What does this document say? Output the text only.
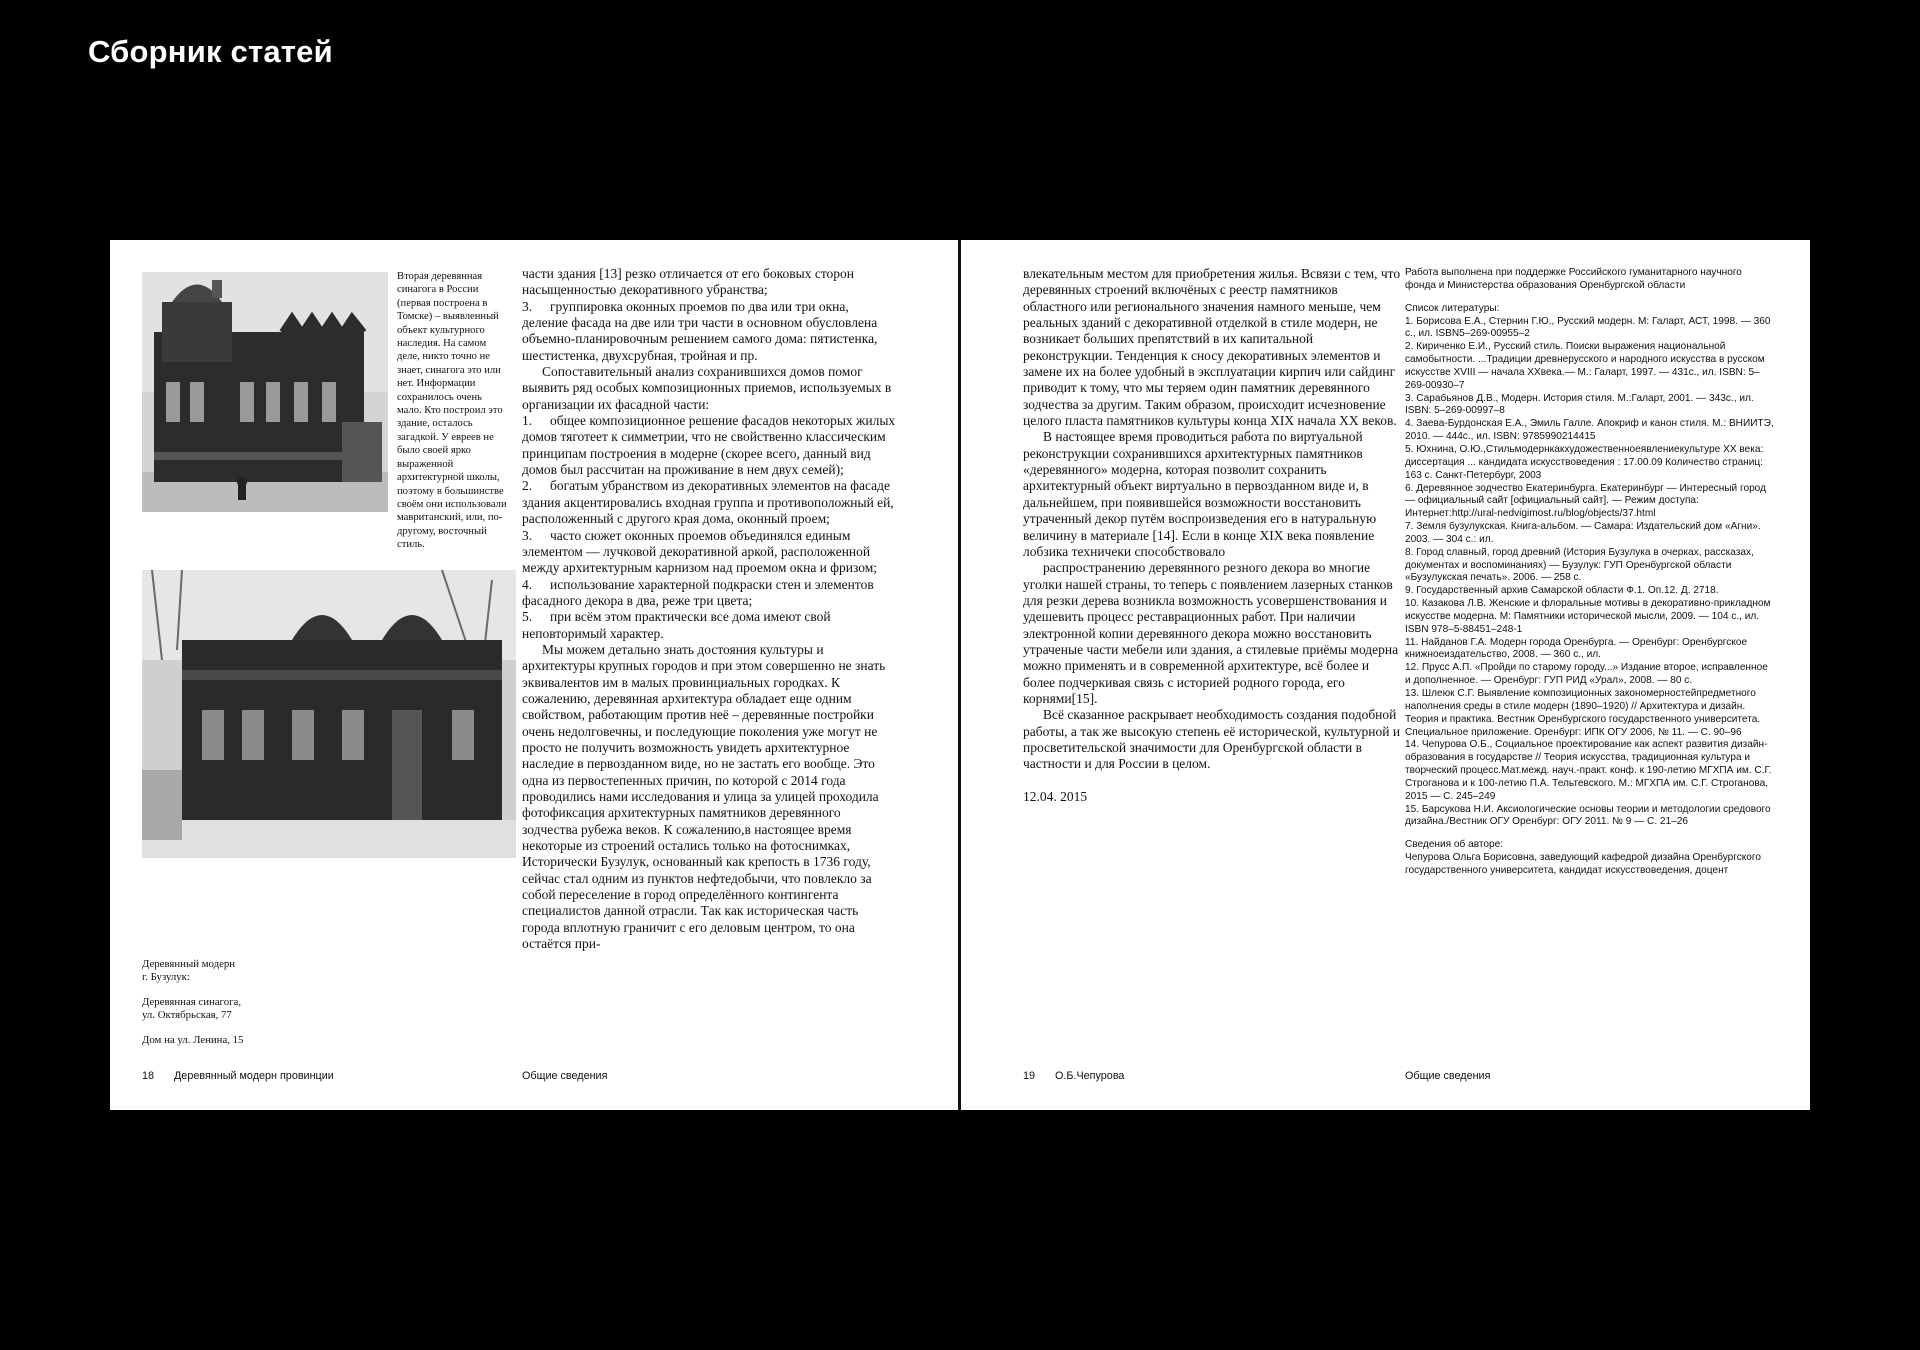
Сборник статей

Вторая деревянная синагога в России (первая построена в Томске) – выявленный объект культурного наследия. На самом деле, никто точно не знает, синагога это или нет. Информации сохранилось очень мало. Кто построил это здание, осталось загадкой. У евреев не было своей ярко выраженной архитектурной школы, поэтому в большинстве своём они использовали мавританский, или, по-другому, восточный стиль.

Деревянный модерн
г. Бузулук:

Деревянная синагога,
ул. Октябрьская, 77

Дом на ул. Ленина, 15

части здания [13] резко отличается от его боковых сторон насыщенностью декоративного убранства;

3. группировка оконных проемов по два или три окна, деление фасада на две или три части в основном обусловлена объемно-планировочным решением самого дома: пятистенка, шестистенка, двухсрубная, тройная и пр.

Сопоставительный анализ сохранившихся домов помог выявить ряд особых композиционных приемов, используемых в организации их фасадной части:

1. общее композиционное решение фасадов некоторых жилых домов тяготеет к симметрии, что не свойственно классическим принципам построения в модерне (скорее всего, данный вид домов был рассчитан на проживание в нем двух семей);

2. богатым убранством из декоративных элементов на фасаде здания акцентировались входная группа и противоположный ей, расположенный с другого края дома, оконный проем;

3. часто сюжет оконных проемов объединялся единым элементом — лучковой декоративной аркой, расположенной между архитектурным карнизом над проемом окна и фризом;

4. использование характерной подкраски стен и элементов фасадного декора в два, реже три цвета;

5. при всём этом практически все дома имеют свой неповторимый характер.

Мы можем детально знать достояния культуры и архитектуры крупных городов и при этом совершенно не знать эквивалентов им в малых провинциальных городках. К сожалению, деревянная архитектура обладает еще одним свойством, работающим против неё – деревянные постройки очень недолговечны, и последующие поколения уже могут не просто не получить возможность увидеть архитектурное наследие в первозданном виде, но не застать его вообще. Это одна из первостепенных причин, по которой с 2014 года проводились нами исследования и улица за улицей проходила фотофиксация архитектурных памятников деревянного зодчества рубежа веков. К сожалению,в настоящее время некоторые из строений остались только на фотоснимках, Исторически Бузулук, основанный как крепость в 1736 году, сейчас стал одним из пунктов нефтедобычи, что повлекло за собой переселение в город определённого контингента специалистов данной отрасли. Так как историческая часть города вплотную граничит с его деловым центром, то она остаётся при-

18 Деревянный модерн провинции	Общие сведения

влекательным местом для приобретения жилья. Всвязи с тем, что деревянных строений включёных с реестр памятников областного или регионального значения намного меньше, чем реальных зданий с декоративной отделкой в стиле модерн, не возникает больших препятствий в их капитальной реконструкции. Тенденция к сносу декоративных элементов и замене их на более удобный в эксплуатации кирпич или сайдинг приводит к тому, что мы теряем один памятник деревянного зодчества за другим. Таким образом, происходит исчезновение целого пласта памятников культуры конца XIX начала XX веков.

В настоящее время проводиться работа по виртуальной реконструкции сохранившихся архитектурных памятников «деревянного» модерна, которая позволит сохранить архитектурный объект виртуально в первозданном виде и, в дальнейшем, при появившейся возможности восстановить утраченный декор путём воспроизведения его в натуральную величину в материале [14]. Если в конце XIX века появление лобзика техничеки способствовало

распространению деревянного резного декора во многие уголки нашей страны, то теперь с появлением лазерных станков для резки дерева возникла возможность усовершенствования и удешевить процесс реставрационных работ. При наличии электронной копии деревянного декора можно восстановить утраченые части мебели или здания, а стилевые приёмы модерна можно применять и в современной архитектуре, всё более и более подчеркивая связь с историей родного города, его корнями[15].

Всё сказанное раскрывает необходимость создания подобной работы, а так же высокую степень её исторической, культурной и просветительской значимости для Оренбургской области в частности и для России в целом.

12.04. 2015

Работа выполнена при поддержке Российского гуманитарного научного фонда и Министерства образования Оренбургской области

Список литературы:

1. Борисова Е.А., Стернин Г.Ю., Русский модерн. М: Галарт, АСТ, 1998. — 360 с., ил. ISBN5–269-00955–2

2. Кириченко Е.И., Русский стиль. Поиски выражения национальной самобытности. ...Традиции древнерусского и народного искусства в русском искусстве XVIII — начала XXвека.— М.: Галарт, 1997. — 431с., ил. ISBN: 5–269-00930–7

3. Сарабьянов Д.В., Модерн. История стиля. М.:Галарт, 2001. — 343с., ил. ISBN: 5–269-00997–8

4. Заева-Бурдонская Е.А., Эмиль Галле. Апокриф и канон стиля. М.: ВНИИТЭ, 2010. — 444с., ил. ISBN: 9785990214415

5. Юхнина, О.Ю.,Стильмодернкакхудожественноеявлениекультуре XX века: диссертация ... кандидата искусствоведения : 17.00.09 Количество страниц: 163 с. Санкт-Петербург, 2003

6. Деревянное зодчество Екатеринбурга. Екатеринбург — Интересный город — официальный сайт [официальный сайт]. — Режим доступа: Интернет:http://ural-nedvigimost.ru/blog/objects/37.html

7. Земля бузулукская. Книга-альбом. — Самара: Издательский дом «Агни». 2003. — 304 с.: ил.

8. Город славный, город древний (История Бузулука в очерках, рассказах, документах и воспоминаниях) — Бузулук: ГУП Оренбургской области «Бузулукская печать». 2006. — 258 с.

9. Государственный архив Самарской области Ф.1. Оп.12. Д. 2718.

10. Казакова Л.В. Женские и флоральные мотивы в декоративно-прикладном искусстве модерна. М: Памятники исторической мысли, 2009. — 104 с., ил. ISBN 978–5-88451–248-1

11. Найданов Г.А. Модерн города Оренбурга. — Оренбург: Оренбургское книжноеиздательство, 2008. — 360 с., ил.

12. Прусс А.П. «Пройди по старому городу...» Издание второе, исправленное и дополненное. — Оренбург: ГУП РИД «Урал», 2008. — 80 с.

13. Шлеюк С.Г. Выявление композиционных закономерностейпредметного наполнения среды в стиле модерн (1890–1920) // Архитектура и дизайн. Теория и практика. Вестник Оренбургского государственного университета. Специальное приложение. Оренбург: ИПК ОГУ 2006, № 11. — С. 90–96

14. Чепурова О.Б., Социальное проектирование как аспект развития дизайн-образования в государстве // Теория искусства, традиционная культура и творческий процесс.Мат.межд. науч.-практ. конф. к 190-летию МГХПА им. С.Г. Строганова и к 100-летию П.А. Тельтевского. М.: МГХПА им. С.Г. Строганова, 2015 — С. 245–249

15. Барсукова Н.И. Аксиологические основы теории и методологии средового дизайна./Вестник ОГУ Оренбург: ОГУ 2011. № 9 — С. 21–26

Сведения об авторе:

Чепурова Ольга Борисовна, заведующий кафедрой дизайна Оренбургского государственного университета, кандидат искусствоведения, доцент

19 О.Б.Чепурова	Общие сведения
